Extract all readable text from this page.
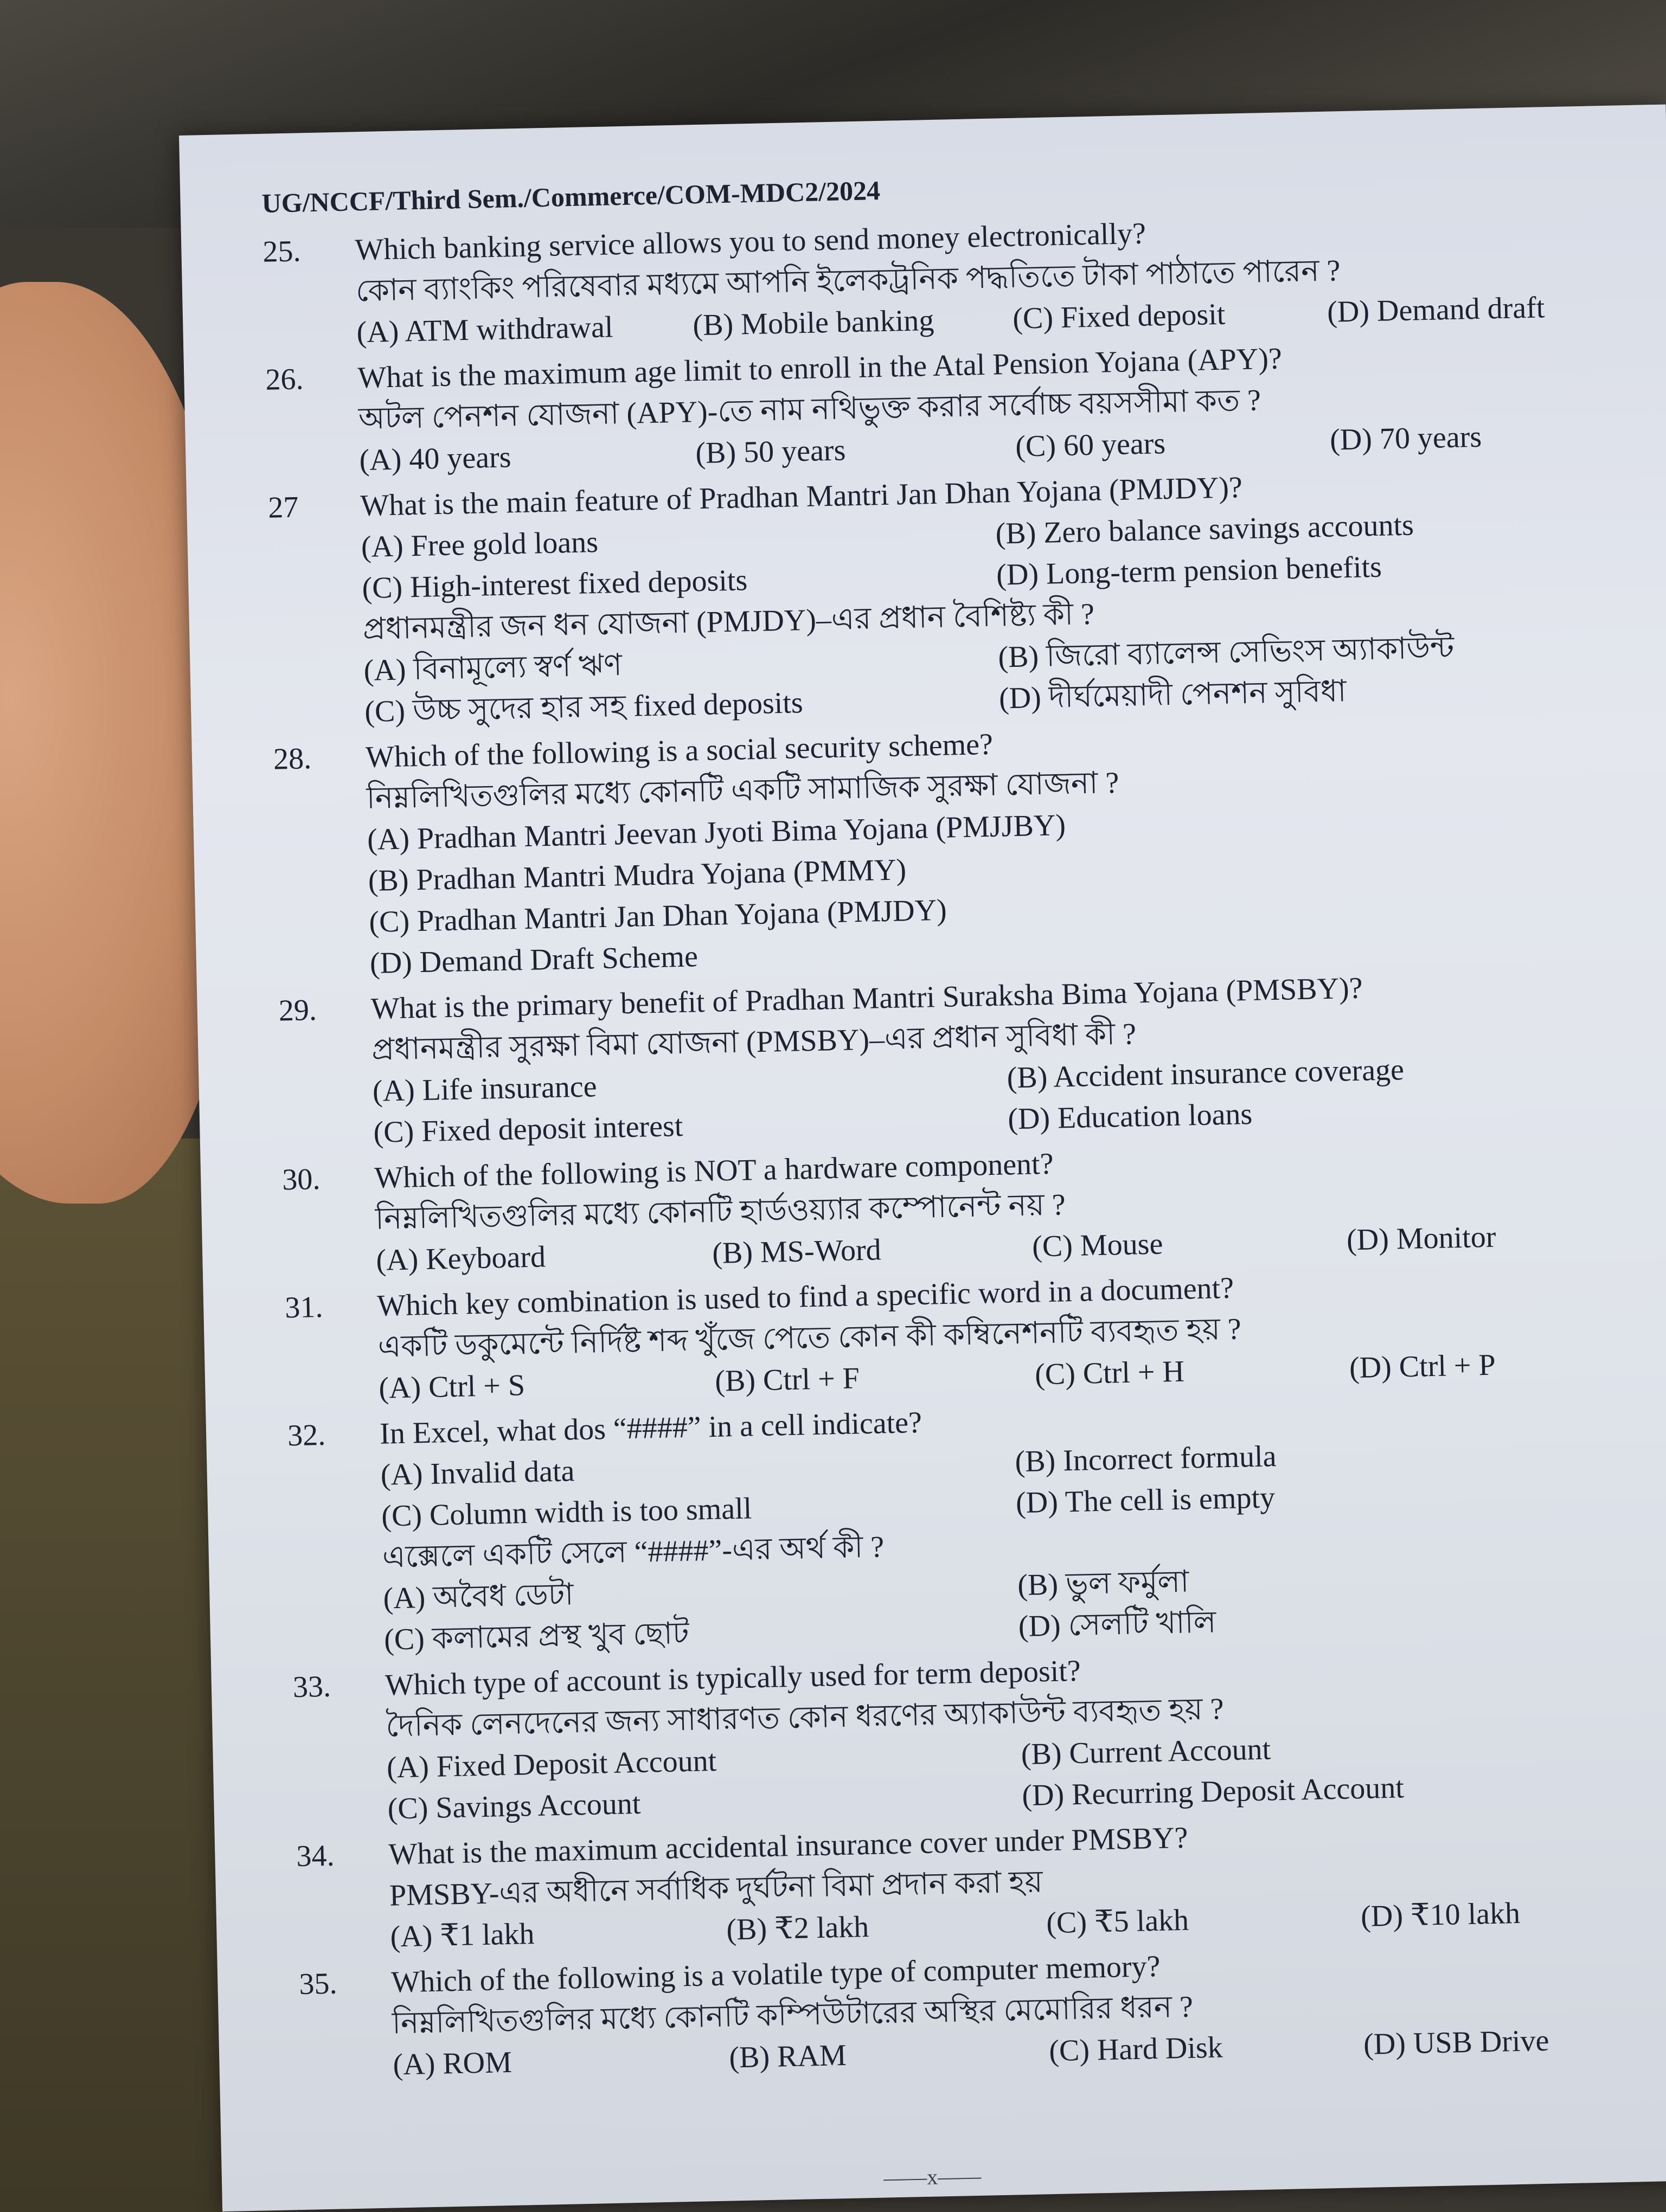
UG/NCCF/Third Sem./Commerce/COM-MDC2/2024
25.	Which banking service allows you to send money electronically?
কোন ব্যাংকিং পরিষেবার মধ্যমে আপনি ইলেকট্রনিক পদ্ধতিতে টাকা পাঠাতে পারেন ?
(A) ATM withdrawal	(B) Mobile banking	(C) Fixed deposit	(D) Demand draft
26.	What is the maximum age limit to enroll in the Atal Pension Yojana (APY)?
অটল পেনশন যোজনা (APY)-তে নাম নথিভুক্ত করার সর্বোচ্চ বয়সসীমা কত ?
(A) 40 years	(B) 50 years	(C) 60 years	(D) 70 years
27	What is the main feature of Pradhan Mantri Jan Dhan Yojana (PMJDY)?
(A) Free gold loans	(B) Zero balance savings accounts
(C) High-interest fixed deposits	(D) Long-term pension benefits
প্রধানমন্ত্রীর জন ধন যোজনা (PMJDY)–এর প্রধান বৈশিষ্ট্য কী ?
(A) বিনামূল্যে স্বর্ণ ঋণ	(B) জিরো ব্যালেন্স সেভিংস অ্যাকাউন্ট
(C) উচ্চ সুদের হার সহ fixed deposits	(D) দীর্ঘমেয়াদী পেনশন সুবিধা
28.	Which of the following is a social security scheme?
নিম্নলিখিতগুলির মধ্যে কোনটি একটি সামাজিক সুরক্ষা যোজনা ?
(A) Pradhan Mantri Jeevan Jyoti Bima Yojana (PMJJBY)
(B) Pradhan Mantri Mudra Yojana (PMMY)
(C) Pradhan Mantri Jan Dhan Yojana (PMJDY)
(D) Demand Draft Scheme
29.	What is the primary benefit of Pradhan Mantri Suraksha Bima Yojana (PMSBY)?
প্রধানমন্ত্রীর সুরক্ষা বিমা যোজনা (PMSBY)–এর প্রধান সুবিধা কী ?
(A) Life insurance	(B) Accident insurance coverage
(C) Fixed deposit interest	(D) Education loans
30.	Which of the following is NOT a hardware component?
নিম্নলিখিতগুলির মধ্যে কোনটি হার্ডওয়্যার কম্পোনেন্ট নয় ?
(A) Keyboard	(B) MS-Word	(C) Mouse	(D) Monitor
31.	Which key combination is used to find a specific word in a document?
একটি ডকুমেন্টে নির্দিষ্ট শব্দ খুঁজে পেতে কোন কী কম্বিনেশনটি ব্যবহৃত হয় ?
(A) Ctrl + S	(B) Ctrl + F	(C) Ctrl + H	(D) Ctrl + P
32.	In Excel, what dos “####” in a cell indicate?
(A) Invalid data	(B) Incorrect formula
(C) Column width is too small	(D) The cell is empty
এক্সেলে একটি সেলে “####”-এর অর্থ কী ?
(A) অবৈধ ডেটা	(B) ভুল ফর্মুলা
(C) কলামের প্রস্থ খুব ছোট	(D) সেলটি খালি
33.	Which type of account is typically used for term deposit?
দৈনিক লেনদেনের জন্য সাধারণত কোন ধরণের অ্যাকাউন্ট ব্যবহৃত হয় ?
(A) Fixed Deposit Account	(B) Current Account
(C) Savings Account	(D) Recurring Deposit Account
34.	What is the maximum accidental insurance cover under PMSBY?
PMSBY-এর অধীনে সর্বাধিক দুর্ঘটনা বিমা প্রদান করা হয়
(A) ₹1 lakh	(B) ₹2 lakh	(C) ₹5 lakh	(D) ₹10 lakh
35.	Which of the following is a volatile type of computer memory?
নিম্নলিখিতগুলির মধ্যে কোনটি কম্পিউটারের অস্থির মেমোরির ধরন ?
(A) ROM	(B) RAM	(C) Hard Disk	(D) USB Drive
——x——
